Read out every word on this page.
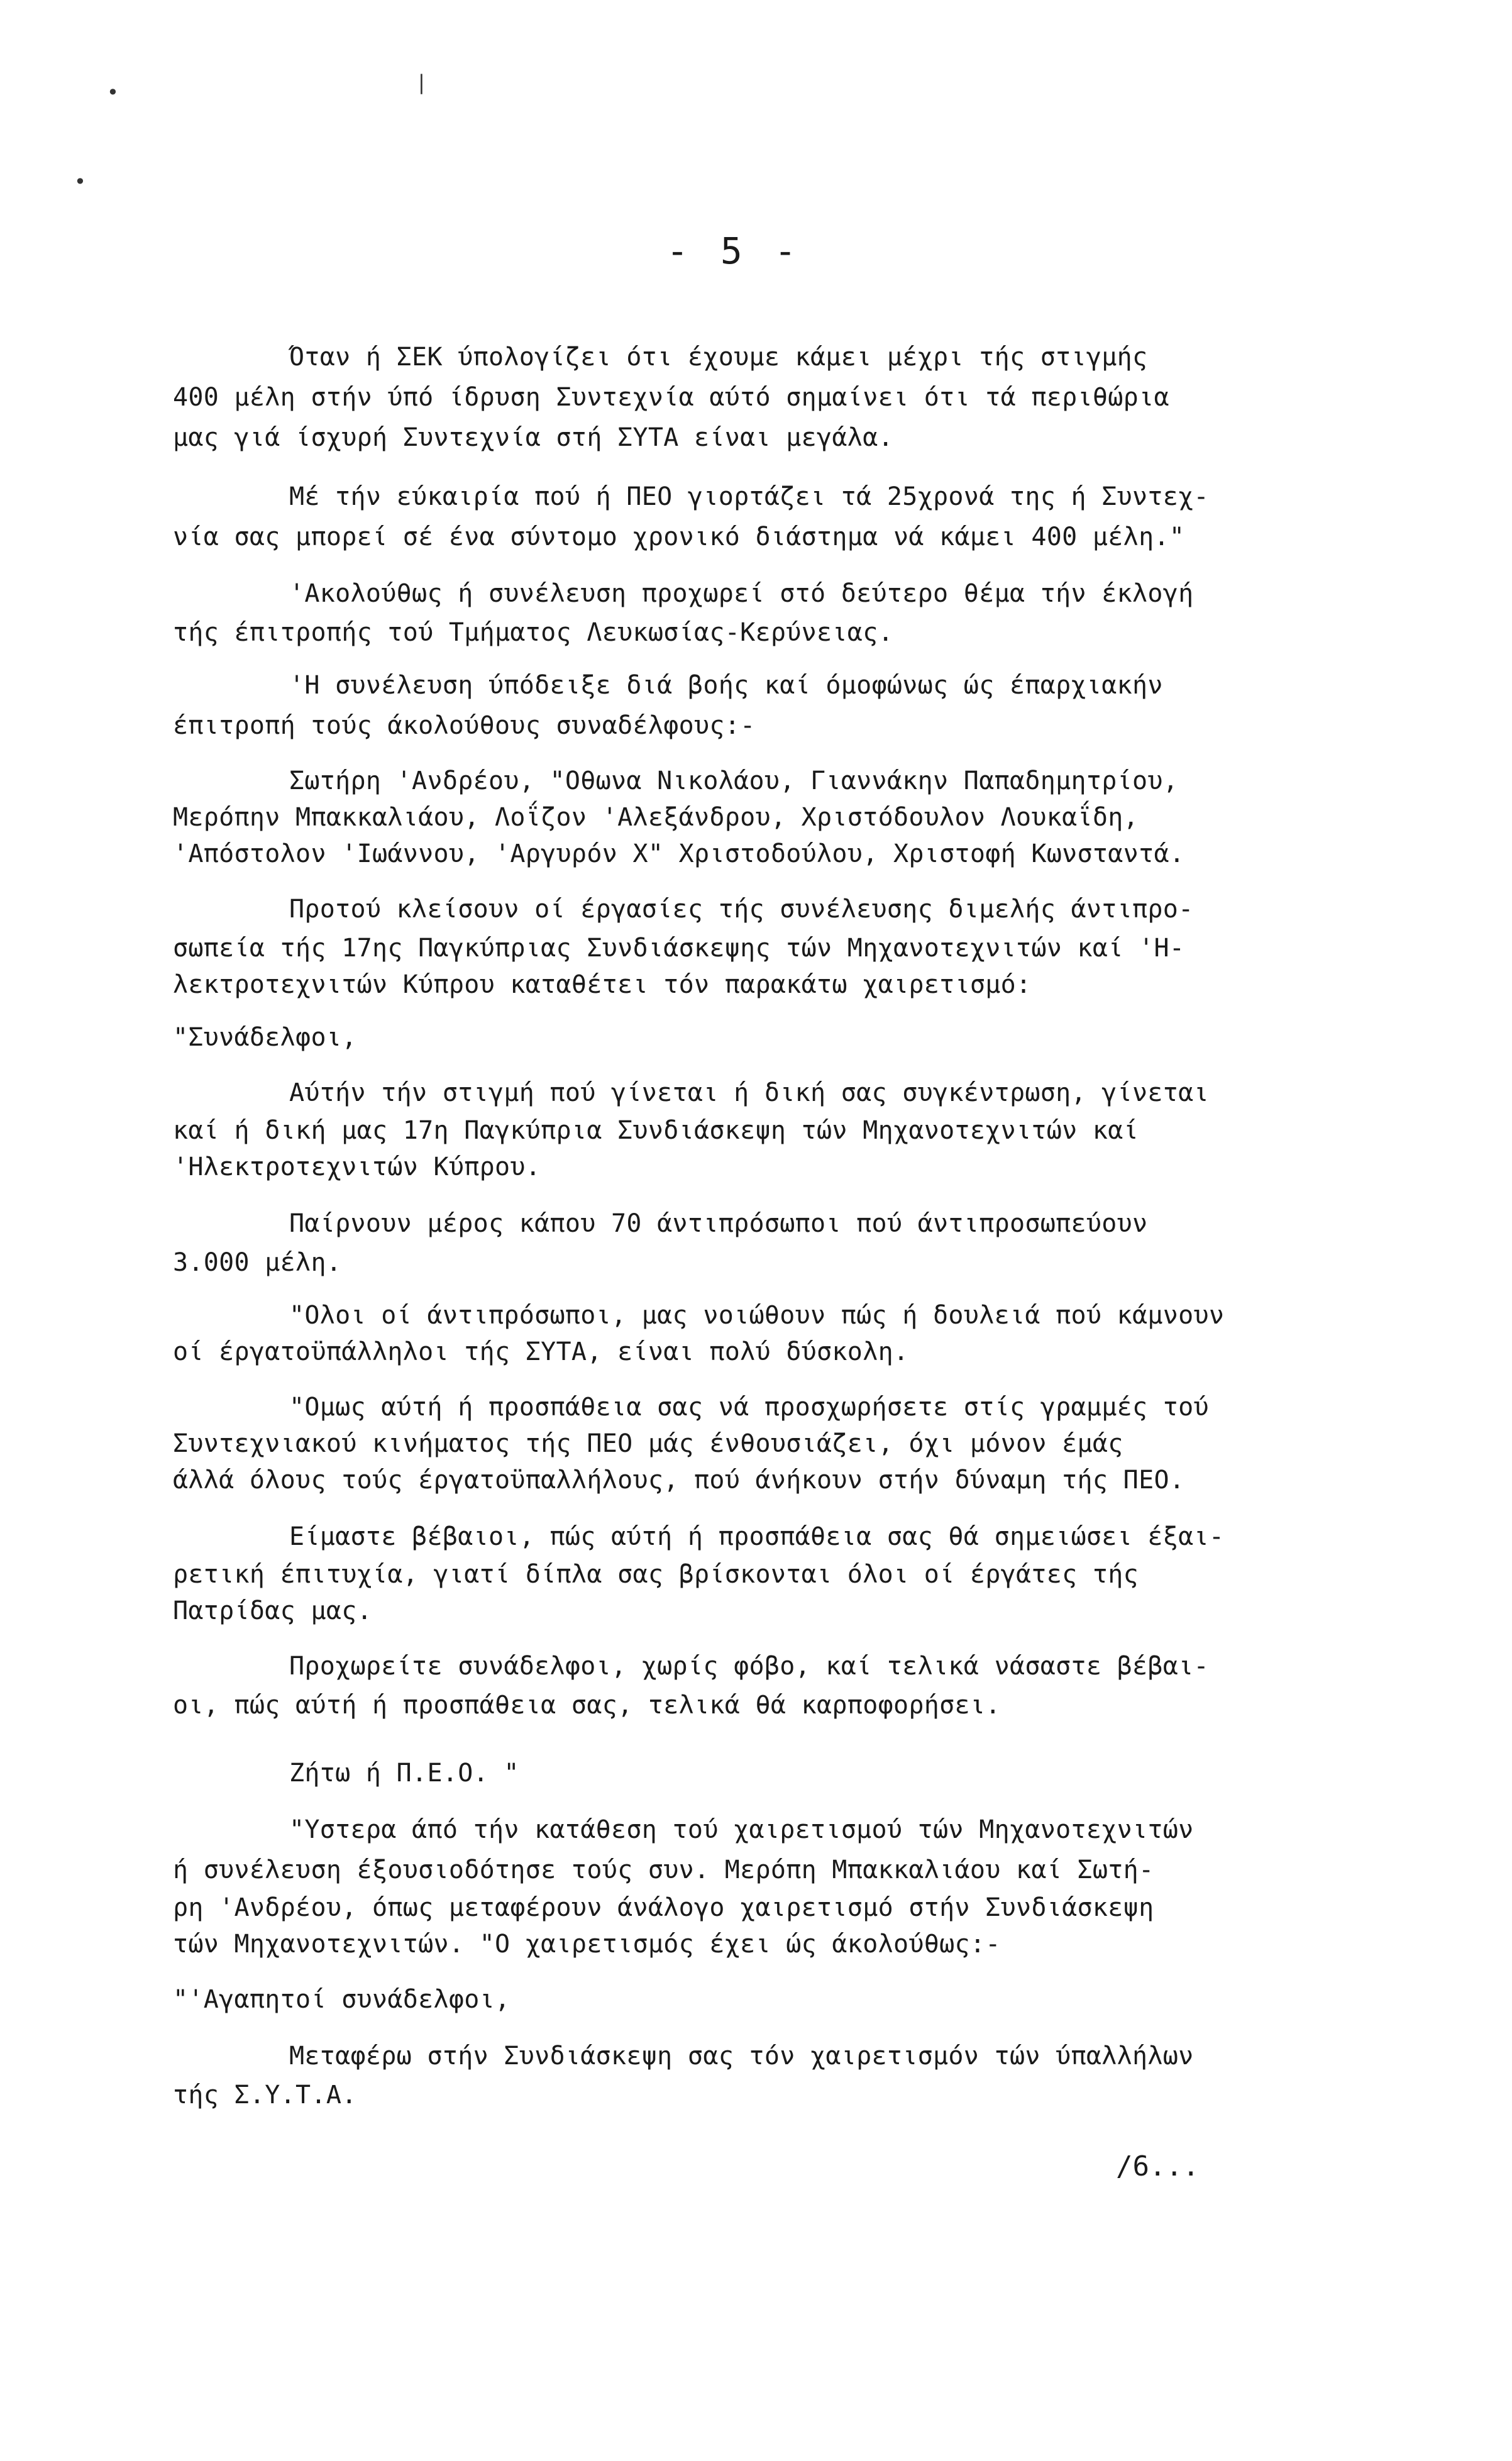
•	|
•
- 5 -
Όταν ή ΣΕΚ ύπολογίζει ότι έχουμε κάμει μέχρι τής στιγμής
400 μέλη στήν ύπό ίδρυση Συντεχνία αύτό σημαίνει ότι τά περιθώρια
μας γιά ίσχυρή Συντεχνία στή ΣΥΤΑ είναι μεγάλα.
Μέ τήν εύκαιρία πού ή ΠΕΟ γιορτάζει τά 25χρονά της ή Συντεχ-
νία σας μπορεί σέ ένα σύντομο χρονικό διάστημα νά κάμει 400 μέλη."
'Ακολούθως ή συνέλευση προχωρεί στό δεύτερο θέμα τήν έκλογή
τής έπιτροπής τού Τμήματος Λευκωσίας-Κερύνειας.
'Η συνέλευση ύπόδειξε διά βοής καί όμοφώνως ώς έπαρχιακήν
έπιτροπή τούς άκολούθους συναδέλφους:-
Σωτήρη 'Ανδρέου, "Οθωνα Νικολάου, Γιαννάκην Παπαδημητρίου,
Μερόπην Μπακκαλιάου, Λοΐζον 'Αλεξάνδρου, Χριστόδουλον Λουκαΐδη,
'Απόστολον 'Ιωάννου, 'Αργυρόν Χ" Χριστοδούλου, Χριστοφή Κωνσταντά.
Προτού κλείσουν οί έργασίες τής συνέλευσης διμελής άντιπρο-
σωπεία τής 17ης Παγκύπριας Συνδιάσκεψης τών Μηχανοτεχνιτών καί 'Η-
λεκτροτεχνιτών Κύπρου καταθέτει τόν παρακάτω χαιρετισμό:
"Συνάδελφοι,
Αύτήν τήν στιγμή πού γίνεται ή δική σας συγκέντρωση, γίνεται
καί ή δική μας 17η Παγκύπρια Συνδιάσκεψη τών Μηχανοτεχνιτών καί
'Ηλεκτροτεχνιτών Κύπρου.
Παίρνουν μέρος κάπου 70 άντιπρόσωποι πού άντιπροσωπεύουν
3.000 μέλη.
"Ολοι οί άντιπρόσωποι, μας νοιώθουν πώς ή δουλειά πού κάμνουν
οί έργατοϋπάλληλοι τής ΣΥΤΑ, είναι πολύ δύσκολη.
"Ομως αύτή ή προσπάθεια σας νά προσχωρήσετε στίς γραμμές τού
Συντεχνιακού κινήματος τής ΠΕΟ μάς ένθουσιάζει, όχι μόνον έμάς
άλλά όλους τούς έργατοϋπαλλήλους, πού άνήκουν στήν δύναμη τής ΠΕΟ.
Είμαστε βέβαιοι, πώς αύτή ή προσπάθεια σας θά σημειώσει έξαι-
ρετική έπιτυχία, γιατί δίπλα σας βρίσκονται όλοι οί έργάτες τής
Πατρίδας μας.
Προχωρείτε συνάδελφοι, χωρίς φόβο, καί τελικά νάσαστε βέβαι-
οι, πώς αύτή ή προσπάθεια σας, τελικά θά καρποφορήσει.
Ζήτω ή Π.Ε.Ο. "
"Υστερα άπό τήν κατάθεση τού χαιρετισμού τών Μηχανοτεχνιτών
ή συνέλευση έξουσιοδότησε τούς συν. Μερόπη Μπακκαλιάου καί Σωτή-
ρη 'Ανδρέου, όπως μεταφέρουν άνάλογο χαιρετισμό στήν Συνδιάσκεψη
τών Μηχανοτεχνιτών. "Ο χαιρετισμός έχει ώς άκολούθως:-
"'Αγαπητοί συνάδελφοι,
Μεταφέρω στήν Συνδιάσκεψη σας τόν χαιρετισμόν τών ύπαλλήλων
τής Σ.Υ.Τ.Α.
/6...
